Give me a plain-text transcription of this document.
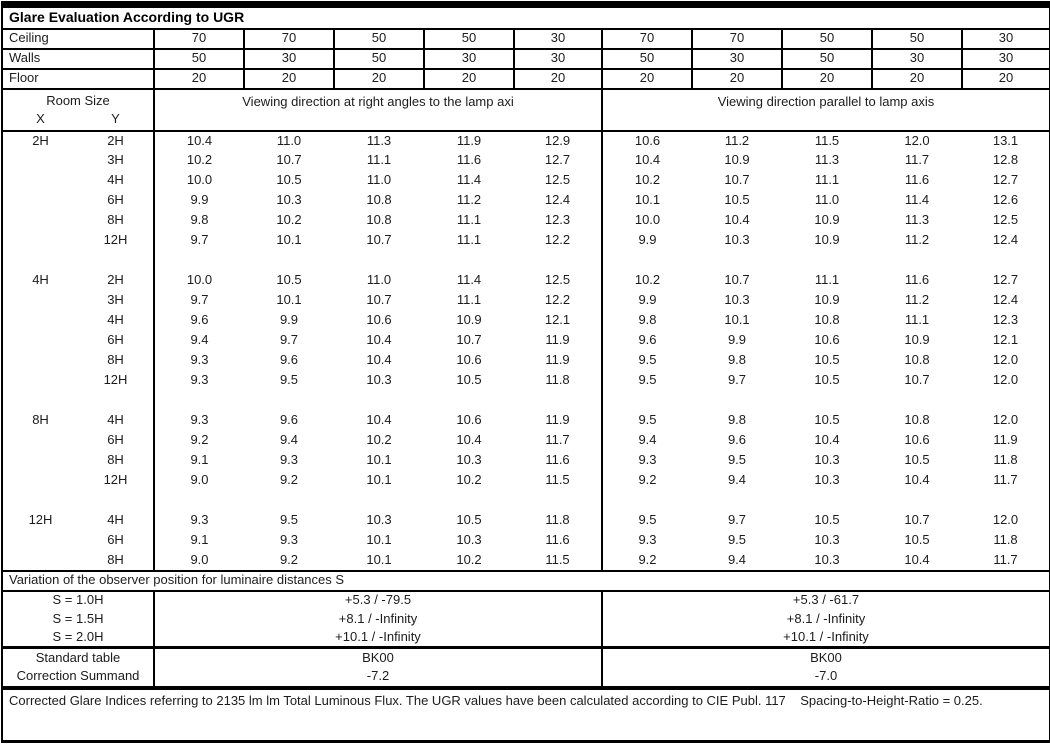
Glare Evaluation According to UGR											
Ceiling		70	70	50	50	30	70	70	50	50	30
Walls		50	30	50	30	30	50	30	50	30	30
Floor		20	20	20	20	20	20	20	20	20	20

Room Size
X Y		Viewing direction at right angles to the lamp axi					Viewing direction parallel to lamp axis				
2H	2H	10.4	11.0	11.3	11.9	12.9	10.6	11.2	11.5	12.0	13.1
	3H	10.2	10.7	11.1	11.6	12.7	10.4	10.9	11.3	11.7	12.8
	4H	10.0	10.5	11.0	11.4	12.5	10.2	10.7	11.1	11.6	12.7
	6H	9.9	10.3	10.8	11.2	12.4	10.1	10.5	11.0	11.4	12.6
	8H	9.8	10.2	10.8	11.1	12.3	10.0	10.4	10.9	11.3	12.5
	12H	9.7	10.1	10.7	11.1	12.2	9.9	10.3	10.9	11.2	12.4

4H	2H	10.0	10.5	11.0	11.4	12.5	10.2	10.7	11.1	11.6	12.7
	3H	9.7	10.1	10.7	11.1	12.2	9.9	10.3	10.9	11.2	12.4
	4H	9.6	9.9	10.6	10.9	12.1	9.8	10.1	10.8	11.1	12.3
	6H	9.4	9.7	10.4	10.7	11.9	9.6	9.9	10.6	10.9	12.1
	8H	9.3	9.6	10.4	10.6	11.9	9.5	9.8	10.5	10.8	12.0
	12H	9.3	9.5	10.3	10.5	11.8	9.5	9.7	10.5	10.7	12.0

8H	4H	9.3	9.6	10.4	10.6	11.9	9.5	9.8	10.5	10.8	12.0
	6H	9.2	9.4	10.2	10.4	11.7	9.4	9.6	10.4	10.6	11.9
	8H	9.1	9.3	10.1	10.3	11.6	9.3	9.5	10.3	10.5	11.8
	12H	9.0	9.2	10.1	10.2	11.5	9.2	9.4	10.3	10.4	11.7

12H	4H	9.3	9.5	10.3	10.5	11.8	9.5	9.7	10.5	10.7	12.0
	6H	9.1	9.3	10.1	10.3	11.6	9.3	9.5	10.3	10.5	11.8
	8H	9.0	9.2	10.1	10.2	11.5	9.2	9.4	10.3	10.4	11.7
Variation of the observer position for luminaire distances S											
S = 1.0H		+5.3 / -79.5					+5.3 / -61.7				
S = 1.5H		+8.1 / -Infinity					+8.1 / -Infinity				
S = 2.0H		+10.1 / -Infinity					+10.1 / -Infinity				
Standard table		BK00					BK00				
Correction Summand		-7.2					-7.0				
Corrected Glare Indices referring to 2135 lm lm Total Luminous Flux. The UGR values have been calculated according to CIE Publ. 117    Spacing-to-Height-Ratio = 0.25.											
